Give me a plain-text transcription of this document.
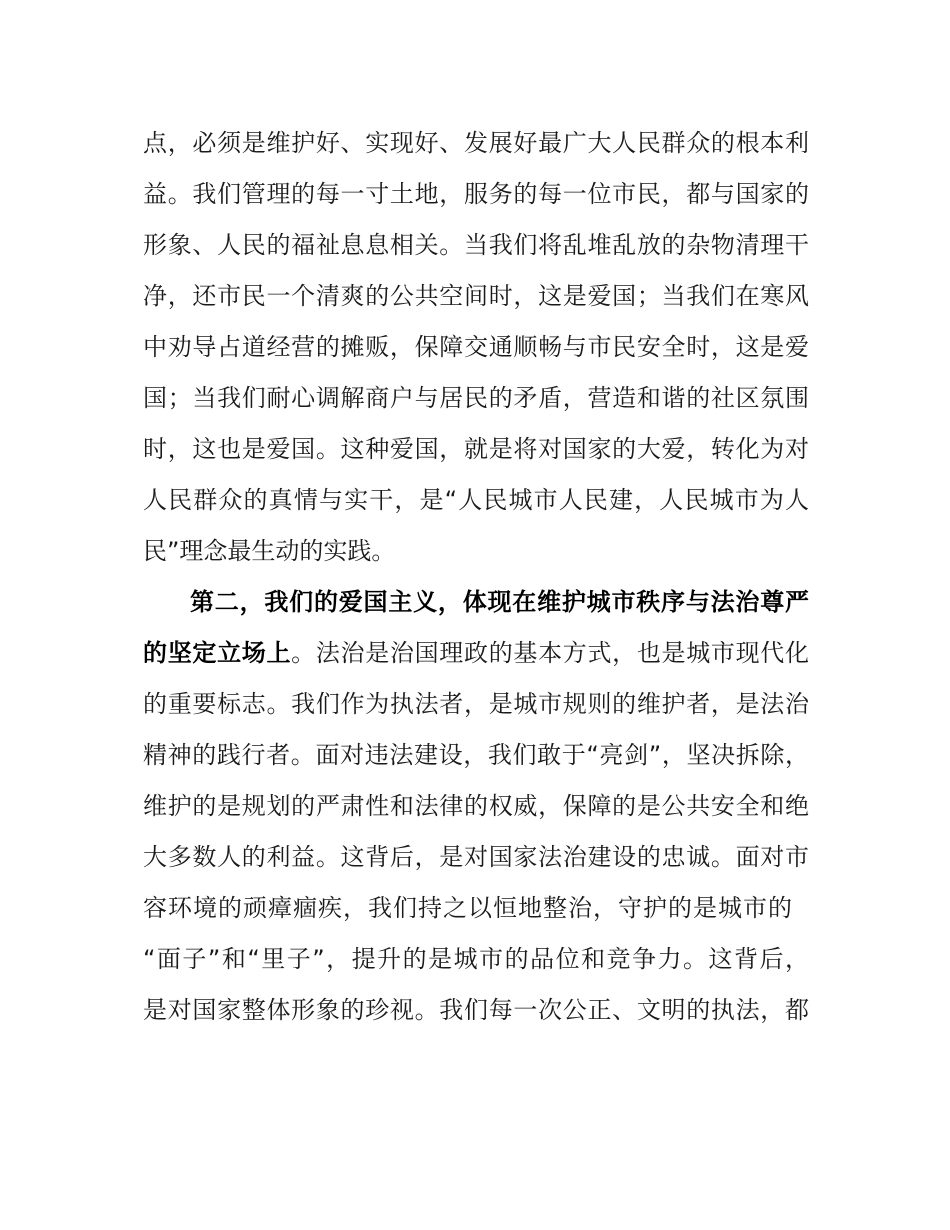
点，必须是维护好、实现好、发展好最广大人民群众的根本利
益。我们管理的每一寸土地，服务的每一位市民，都与国家的
形象、人民的福祉息息相关。当我们将乱堆乱放的杂物清理干
净，还市民一个清爽的公共空间时，这是爱国；当我们在寒风
中劝导占道经营的摊贩，保障交通顺畅与市民安全时，这是爱
国；当我们耐心调解商户与居民的矛盾，营造和谐的社区氛围
时，这也是爱国。这种爱国，就是将对国家的大爱，转化为对
人民群众的真情与实干，是“人民城市人民建，人民城市为人
民”理念最生动的实践。
第二，我们的爱国主义，体现在维护城市秩序与法治尊严
的坚定立场上。法治是治国理政的基本方式，也是城市现代化
的重要标志。我们作为执法者，是城市规则的维护者，是法治
精神的践行者。面对违法建设，我们敢于“亮剑”，坚决拆除，
维护的是规划的严肃性和法律的权威，保障的是公共安全和绝
大多数人的利益。这背后，是对国家法治建设的忠诚。面对市
容环境的顽瘴痼疾，我们持之以恒地整治，守护的是城市的
“面子”和“里子”，提升的是城市的品位和竞争力。这背后，
是对国家整体形象的珍视。我们每一次公正、文明的执法，都
